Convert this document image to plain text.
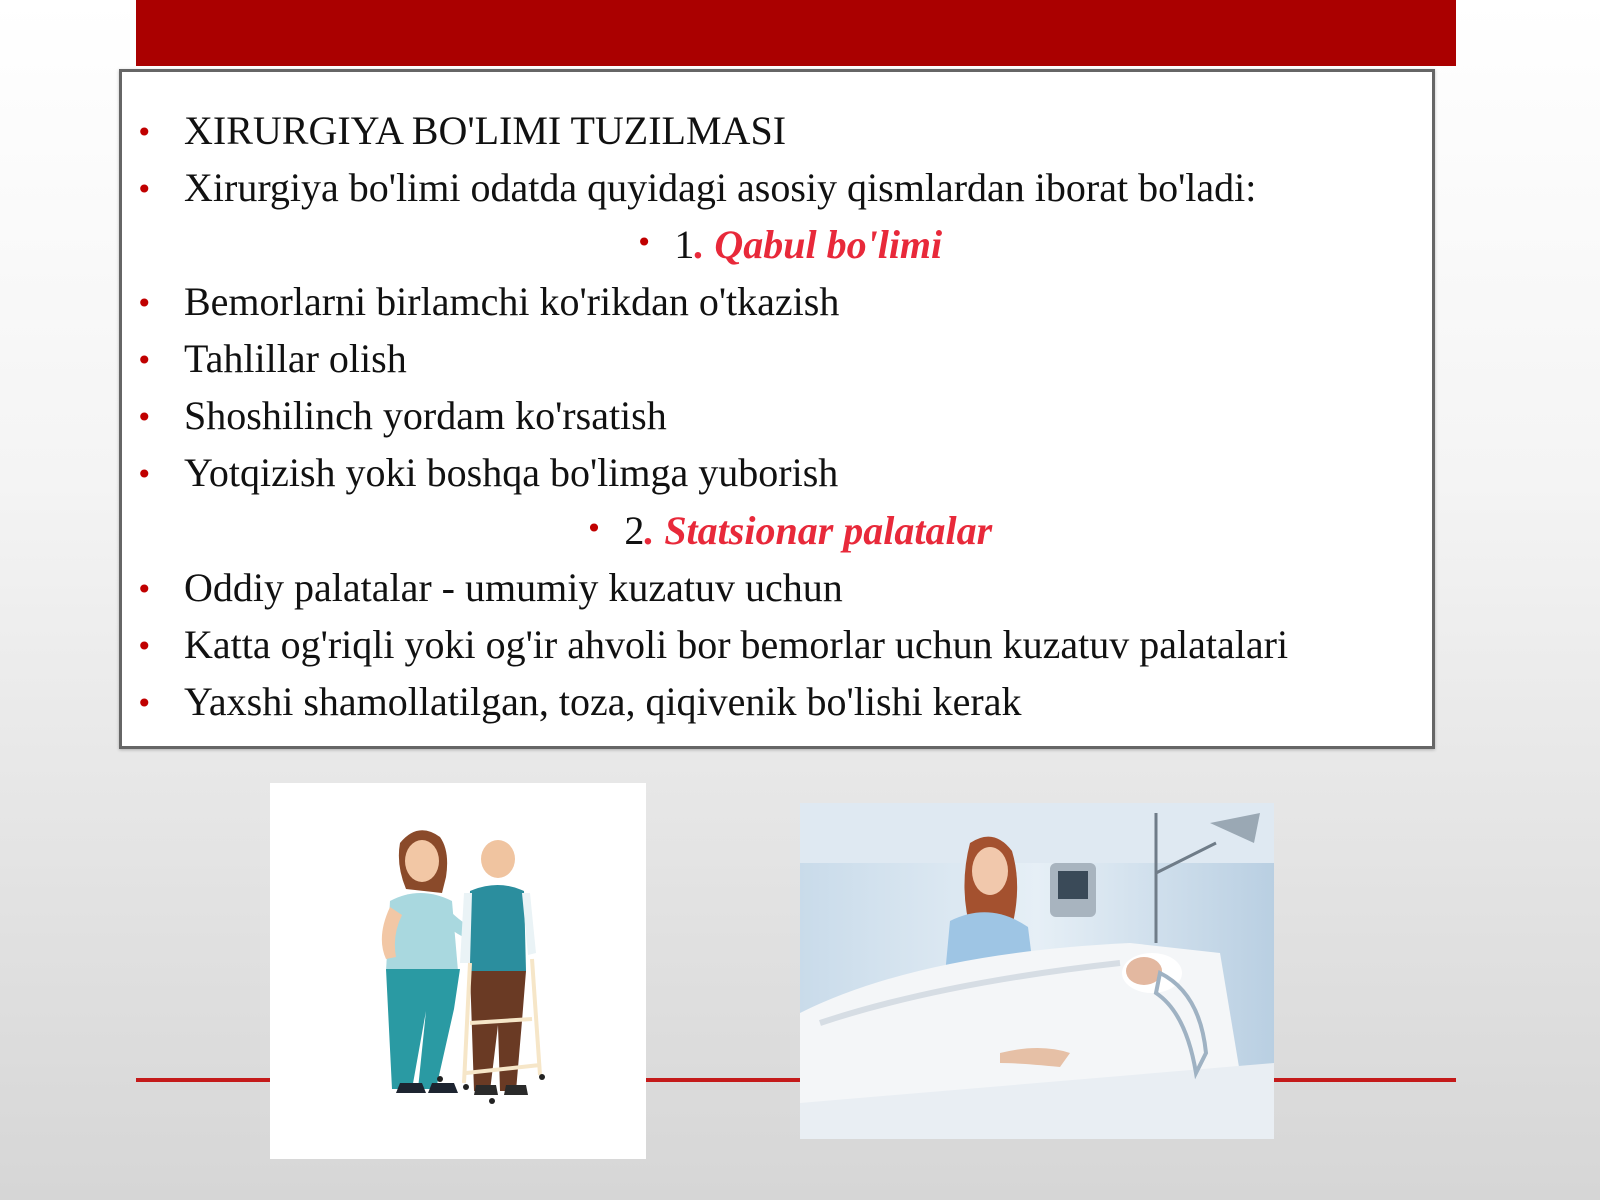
• XIRURGIYA BO'LIMI TUZILMASI
• Xirurgiya bo'limi odatda quyidagi asosiy qismlardan iborat bo'ladi:
• 1. Qabul bo'limi
• Bemorlarni birlamchi ko'rikdan o'tkazish
• Tahlillar olish
• Shoshilinch yordam ko'rsatish
• Yotqizish yoki boshqa bo'limga yuborish
• 2. Statsionar palatalar
• Oddiy palatalar - umumiy kuzatuv uchun
• Katta og'riqli yoki og'ir ahvoli bor bemorlar uchun kuzatuv palatalari
• Yaxshi shamollatilgan, toza, qiqivenik bo'lishi kerak
